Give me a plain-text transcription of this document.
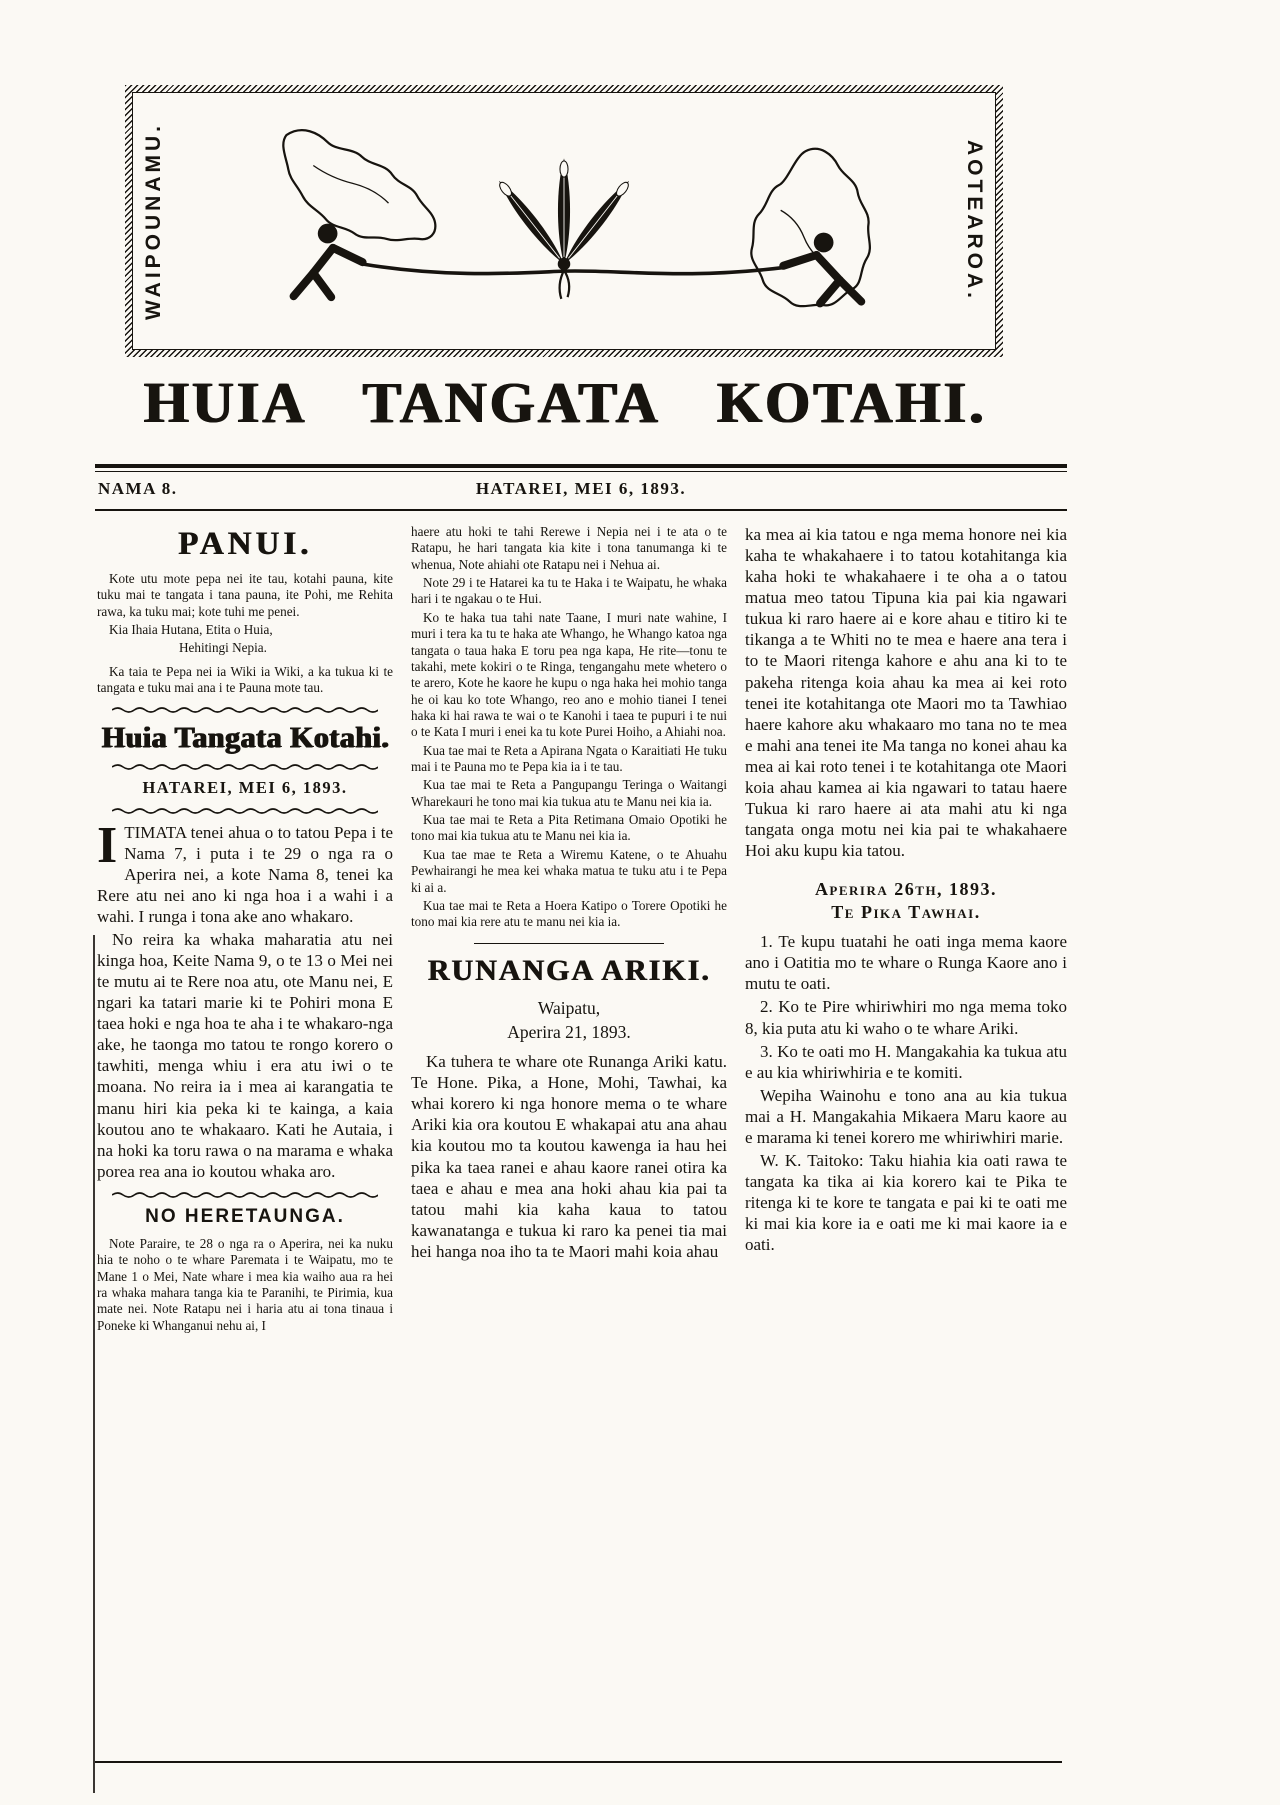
WAIPOUNAMU.	AOTEAROA.
HUIA TANGATA KOTAHI.
NAMA 8.	HATAREI, MEI 6, 1893.
PANUI.

Kote utu mote pepa nei ite tau, kotahi pauna, kite tuku mai te tangata i tana pauna, ite Pohi, me Rehita rawa, ka tuku mai; kote tuhi me penei.

Kia Ihaia Hutana, Etita o Huia,

Hehitingi Nepia.

Ka taia te Pepa nei ia Wiki ia Wiki, a ka tukua ki te tangata e tuku mai ana i te Pauna mote tau.

Huia Tangata Kotahi.
HATAREI, MEI 6, 1893.

ITIMATA tenei ahua o to tatou Pepa i te Nama 7, i puta i te 29 o nga ra o Aperira nei, a kote Nama 8, tenei ka Rere atu nei ano ki nga hoa i a wahi i a wahi. I runga i tona ake ano whakaro.

No reira ka whaka maharatia atu nei kinga hoa, Keite Nama 9, o te 13 o Mei nei te mutu ai te Rere noa atu, ote Manu nei, E ngari ka tatari marie ki te Pohiri mona E taea hoki e nga hoa te aha i te whakaro-nga ake, he taonga mo tatou te rongo korero o tawhiti, menga whiu i era atu iwi o te moana. No reira ia i mea ai karangatia te manu hiri kia peka ki te kainga, a kaia koutou ano te whakaaro. Kati he Autaia, i na hoki ka toru rawa o na marama e whaka porea rea ana io koutou whaka aro.

NO HERETAUNGA.

Note Paraire, te 28 o nga ra o Aperira, nei ka nuku hia te noho o te whare Paremata i te Waipatu, mo te Mane 1 o Mei, Nate whare i mea kia waiho aua ra hei ra whaka mahara tanga kia te Paranihi, te Pirimia, kua mate nei. Note Ratapu nei i haria atu ai tona tinaua i Poneke ki Whanganui nehu ai, I

haere atu hoki te tahi Rerewe i Nepia nei i te ata o te Ratapu, he hari tangata kia kite i tona tanumanga ki te whenua, Note ahiahi ote Ratapu nei i Nehua ai.

Note 29 i te Hatarei ka tu te Haka i te Waipatu, he whaka hari i te ngakau o te Hui.

Ko te haka tua tahi nate Taane, I muri nate wahine, I muri i tera ka tu te haka ate Whango, he Whango katoa nga tangata o taua haka E toru pea nga kapa, He rite—tonu te takahi, mete kokiri o te Ringa, tengangahu mete whetero o te arero, Kote he kaore he kupu o nga haka hei mohio tanga he oi kau ko tote Whango, reo ano e mohio tianei I tenei haka ki hai rawa te wai o te Kanohi i taea te pupuri i te nui o te Kata I muri i enei ka tu kote Purei Hoiho, a Ahiahi noa.

Kua tae mai te Reta a Apirana Ngata o Karaitiati He tuku mai i te Pauna mo te Pepa kia ia i te tau.

Kua tae mai te Reta a Pangupangu Teringa o Waitangi Wharekauri he tono mai kia tukua atu te Manu nei kia ia.

Kua tae mai te Reta a Pita Retimana Omaio Opotiki he tono mai kia tukua atu te Manu nei kia ia.

Kua tae mae te Reta a Wiremu Katene, o te Ahuahu Pewhairangi he mea kei whaka matua te tuku atu i te Pepa ki ai a.

Kua tae mai te Reta a Hoera Katipo o Torere Opotiki he tono mai kia rere atu te manu nei kia ia.

RUNANGA ARIKI.
Waipatu,
Aperira 21, 1893.

Ka tuhera te whare ote Runanga Ariki katu. Te Hone. Pika, a Hone, Mohi, Tawhai, ka whai korero ki nga honore mema o te whare Ariki kia ora koutou E whakapai atu ana ahau kia koutou mo ta koutou kawenga ia hau hei pika ka taea ranei e ahau kaore ranei otira ka taea e ahau e mea ana hoki ahau kia pai ta tatou mahi kia kaha kaua to tatou kawanatanga e tukua ki raro ka penei tia mai hei hanga noa iho ta te Maori mahi koia ahau

ka mea ai kia tatou e nga mema honore nei kia kaha te whakahaere i to tatou kotahitanga kia kaha hoki te whakahaere i te oha a o tatou matua meo tatou Tipuna kia pai kia ngawari tukua ki raro haere ai e kore ahau e titiro ki te tikanga a te Whiti no te mea e haere ana tera i to te Maori ritenga kahore e ahu ana ki to te pakeha ritenga koia ahau ka mea ai kei roto tenei ite kotahitanga ote Maori mo ta Tawhiao haere kahore aku whakaaro mo tana no te mea e mahi ana tenei ite Ma tanga no konei ahau ka mea ai kai roto tenei i te kotahitanga ote Maori koia ahau kamea ai kia ngawari to tatau haere Tukua ki raro haere ai ata mahi atu ki nga tangata onga motu nei kia pai te whakahaere Hoi aku kupu kia tatou.

Aperira 26th, 1893.
Te Pika Tawhai.

1. Te kupu tuatahi he oati inga mema kaore ano i Oatitia mo te whare o Runga Kaore ano i mutu te oati.

2. Ko te Pire whiriwhiri mo nga mema toko 8, kia puta atu ki waho o te whare Ariki.

3. Ko te oati mo H. Mangakahia ka tukua atu e au kia whiriwhiria e te komiti.

Wepiha Wainohu e tono ana au kia tukua mai a H. Mangakahia Mikaera Maru kaore au e marama ki tenei korero me whiriwhiri marie.

W. K. Taitoko: Taku hiahia kia oati rawa te tangata ka tika ai kia korero kai te Pika te ritenga ki te kore te tangata e pai ki te oati me ki mai kia kore ia e oati me ki mai kaore ia e oati.
